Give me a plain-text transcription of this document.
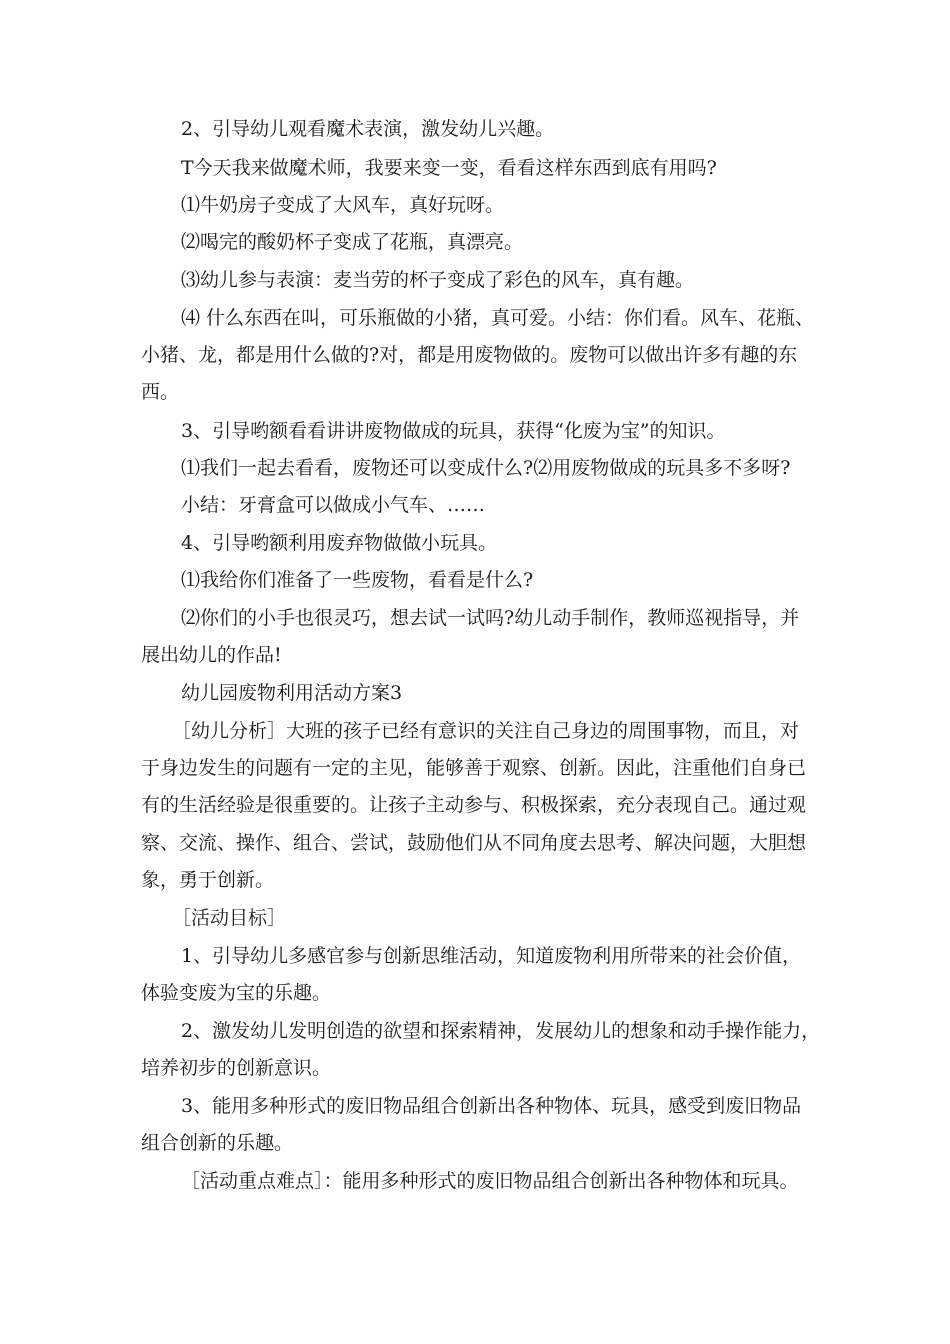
2、引导幼儿观看魔术表演，激发幼儿兴趣。

T今天我来做魔术师，我要来变一变，看看这样东西到底有用吗?

⑴牛奶房子变成了大风车，真好玩呀。

⑵喝完的酸奶杯子变成了花瓶，真漂亮。

⑶幼儿参与表演：麦当劳的杯子变成了彩色的风车，真有趣。

⑷ 什么东西在叫，可乐瓶做的小猪，真可爱。小结：你们看。风车、花瓶、

小猪、龙，都是用什么做的?对，都是用废物做的。废物可以做出许多有趣的东

西。

3、引导哟额看看讲讲废物做成的玩具，获得“化废为宝”的知识。

⑴我们一起去看看，废物还可以变成什么?⑵用废物做成的玩具多不多呀?

小结：牙膏盒可以做成小气车、……

4、引导哟额利用废弃物做做小玩具。

⑴我给你们准备了一些废物，看看是什么?

⑵你们的小手也很灵巧，想去试一试吗?幼儿动手制作，教师巡视指导，并

展出幼儿的作品!

幼儿园废物利用活动方案3

［幼儿分析］大班的孩子已经有意识的关注自己身边的周围事物，而且，对

于身边发生的问题有一定的主见，能够善于观察、创新。因此，注重他们自身已

有的生活经验是很重要的。让孩子主动参与、积极探索，充分表现自己。通过观

察、交流、操作、组合、尝试，鼓励他们从不同角度去思考、解决问题，大胆想

象，勇于创新。

［活动目标］

1、引导幼儿多感官参与创新思维活动，知道废物利用所带来的社会价值，

体验变废为宝的乐趣。

2、激发幼儿发明创造的欲望和探索精神，发展幼儿的想象和动手操作能力，

培养初步的创新意识。

3、能用多种形式的废旧物品组合创新出各种物体、玩具，感受到废旧物品

组合创新的乐趣。

［活动重点难点］：能用多种形式的废旧物品组合创新出各种物体和玩具。
